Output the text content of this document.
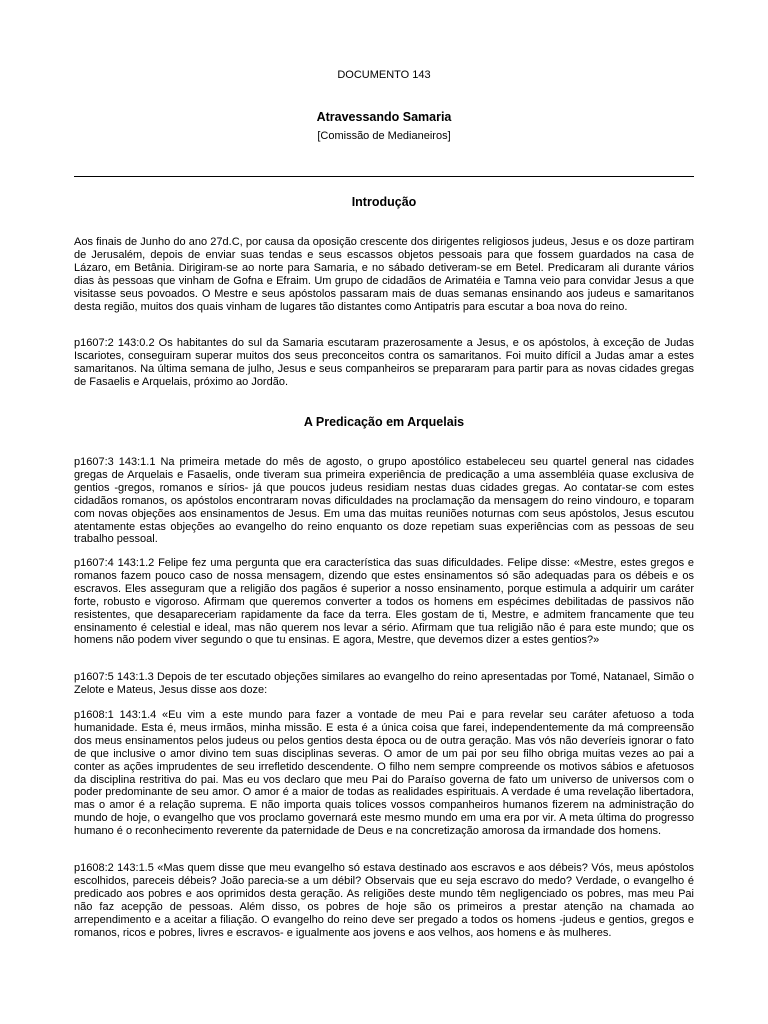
DOCUMENTO 143
Atravessando Samaria
[Comissão de Medianeiros]
Introdução

Aos finais de Junho do ano 27d.C, por causa da oposição crescente dos dirigentes religiosos judeus, Jesus e os doze partiram de Jerusalém, depois de enviar suas tendas e seus escassos objetos pessoais para que fossem guardados na casa de Lázaro, em Betânia. Dirigiram-se ao norte para Samaria, e no sábado detiveram-se em Betel. Predicaram ali durante vários dias às pessoas que vinham de Gofna e Efraim. Um grupo de cidadãos de Arimatéia e Tamna veio para convidar Jesus a que visitasse seus povoados. O Mestre e seus apóstolos passaram mais de duas semanas ensinando aos judeus e samaritanos desta região, muitos dos quais vinham de lugares tão distantes como Antipatris para escutar a boa nova do reino.

p1607:2 143:0.2 Os habitantes do sul da Samaria escutaram prazerosamente a Jesus, e os apóstolos, à exceção de Judas Iscariotes, conseguiram superar muitos dos seus preconceitos contra os samaritanos. Foi muito difícil a Judas amar a estes samaritanos. Na última semana de julho, Jesus e seus companheiros se prepararam para partir para as novas cidades gregas de Fasaelis e Arquelais, próximo ao Jordão.

A Predicação em Arquelais

p1607:3 143:1.1 Na primeira metade do mês de agosto, o grupo apostólico estabeleceu seu quartel general nas cidades gregas de Arquelais e Fasaelis, onde tiveram sua primeira experiência de predicação a uma assembléia quase exclusiva de gentios -gregos, romanos e sírios- já que poucos judeus residiam nestas duas cidades gregas. Ao contatar-se com estes cidadãos romanos, os apóstolos encontraram novas dificuldades na proclamação da mensagem do reino vindouro, e toparam com novas objeções aos ensinamentos de Jesus. Em uma das muitas reuniões noturnas com seus apóstolos, Jesus escutou atentamente estas objeções ao evangelho do reino enquanto os doze repetiam suas experiências com as pessoas de seu trabalho pessoal.

p1607:4 143:1.2 Felipe fez uma pergunta que era característica das suas dificuldades. Felipe disse: «Mestre, estes gregos e romanos fazem pouco caso de nossa mensagem, dizendo que estes ensinamentos só são adequadas para os débeis e os escravos. Eles asseguram que a religião dos pagãos é superior a nosso ensinamento, porque estimula a adquirir um caráter forte, robusto e vigoroso. Afirmam que queremos converter a todos os homens em espécimes debilitadas de passivos não resistentes, que desapareceriam rapidamente da face da terra. Eles gostam de ti, Mestre, e admitem francamente que teu ensinamento é celestial e ideal, mas não querem nos levar a sério. Afirmam que tua religião não é para este mundo; que os homens não podem viver segundo o que tu ensinas. E agora, Mestre, que devemos dizer a estes gentios?»

p1607:5 143:1.3 Depois de ter escutado objeções similares ao evangelho do reino apresentadas por Tomé, Natanael, Simão o Zelote e Mateus, Jesus disse aos doze:

p1608:1 143:1.4 «Eu vim a este mundo para fazer a vontade de meu Pai e para revelar seu caráter afetuoso a toda humanidade. Esta é, meus irmãos, minha missão. E esta é a única coisa que farei, independentemente da má compreensão dos meus ensinamentos pelos judeus ou pelos gentios desta época ou de outra geração. Mas vós não deveríeis ignorar o fato de que inclusive o amor divino tem suas disciplinas severas. O amor de um pai por seu filho obriga muitas vezes ao pai a conter as ações imprudentes de seu irrefletido descendente. O filho nem sempre compreende os motivos sábios e afetuosos da disciplina restritiva do pai. Mas eu vos declaro que meu Pai do Paraíso governa de fato um universo de universos com o poder predominante de seu amor. O amor é a maior de todas as realidades espirituais. A verdade é uma revelação libertadora, mas o amor é a relação suprema. E não importa quais tolices vossos companheiros humanos fizerem na administração do mundo de hoje, o evangelho que vos proclamo governará este mesmo mundo em uma era por vir. A meta última do progresso humano é o reconhecimento reverente da paternidade de Deus e na concretização amorosa da irmandade dos homens.

p1608:2 143:1.5 «Mas quem disse que meu evangelho só estava destinado aos escravos e aos débeis? Vós, meus apóstolos escolhidos, pareceis débeis? João parecia-se a um débil? Observais que eu seja escravo do medo? Verdade, o evangelho é predicado aos pobres e aos oprimidos desta geração. As religiões deste mundo têm negligenciado os pobres, mas meu Pai não faz acepção de pessoas. Além disso, os pobres de hoje são os primeiros a prestar atenção na chamada ao arrependimento e a aceitar a filiação. O evangelho do reino deve ser pregado a todos os homens -judeus e gentios, gregos e romanos, ricos e pobres, livres e escravos- e igualmente aos jovens e aos velhos, aos homens e às mulheres.
